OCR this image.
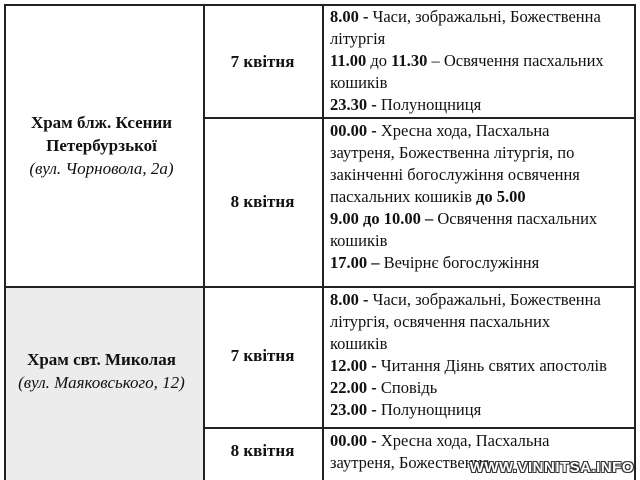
Храм блж. Ксении Петербурзької
(вул. Чорновола, 2а)
7 квітня

8.00 - Часи, зображальні, Божественна

літургія

11.00 до 11.30 – Освячення пасхальних

кошиків

23.30 - Полунощниця

8 квітня

00.00 - Хресна хода, Пасхальна

заутреня, Божественна літургія, по

закінченні богослужіння освячення

пасхальних кошиків до 5.00

9.00 до 10.00 – Освячення пасхальних

кошиків

17.00 – Вечірнє богослужіння

Храм свт. Миколая
(вул. Маяковського, 12)
7 квітня

8.00 - Часи, зображальні, Божественна

літургія, освячення пасхальних

кошиків

12.00 - Читання Діянь святих апостолів

22.00 - Сповідь

23.00 - Полунощниця

8 квітня

00.00 - Хресна хода, Пасхальна

заутреня, Божественна

WWW.VINNITSA.INFO
